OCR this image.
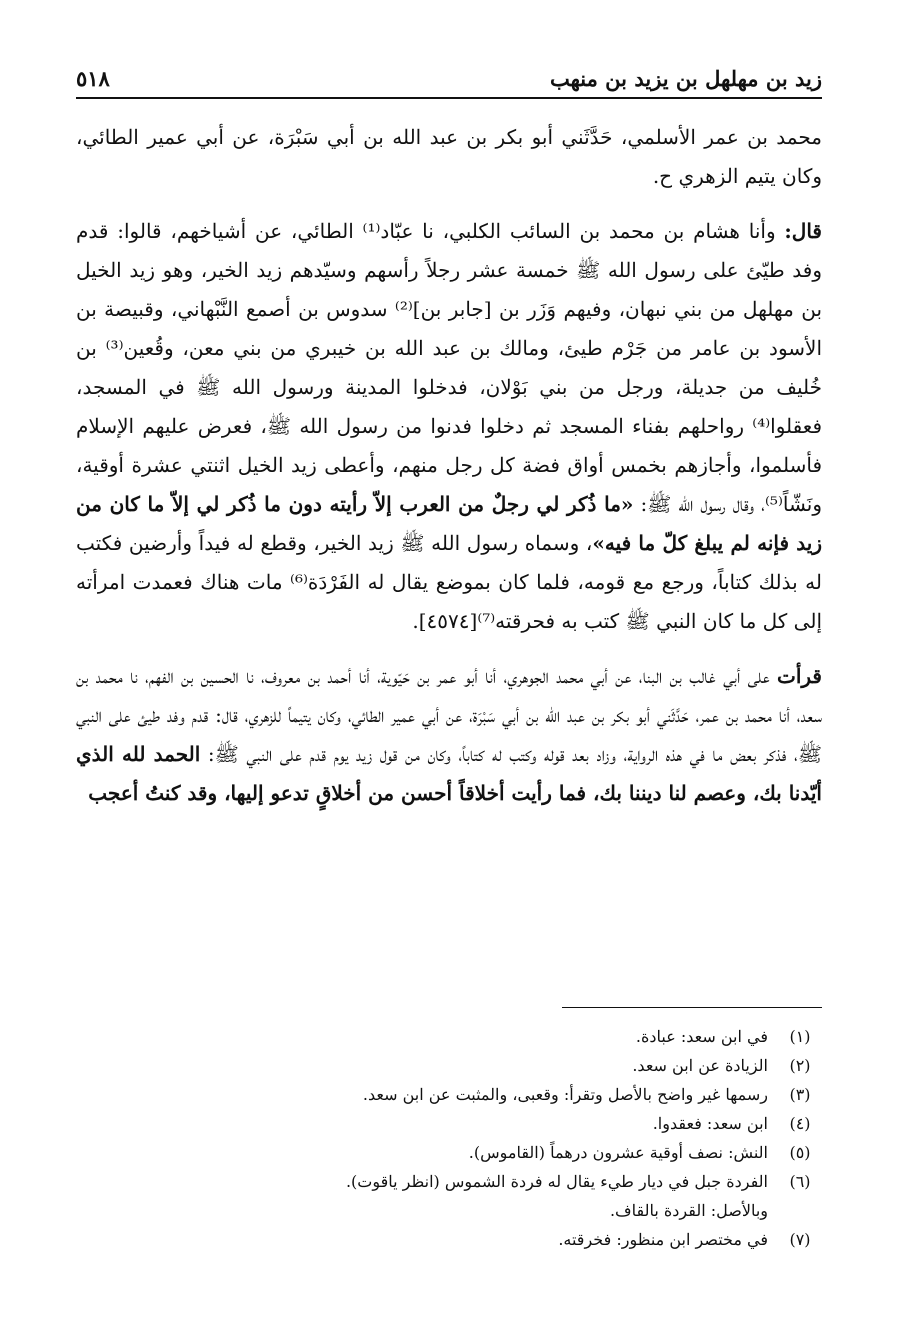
زيد بن مهلهل بن يزيد بن منهب
٥١٨

محمد بن عمر الأسلمي، حَدَّثَني أبو بكر بن عبد الله بن أبي سَبْرَة، عن أبي عمير الطائي، وكان يتيم الزهري ح.

قال: وأنا هشام بن محمد بن السائب الكلبي، نا عبّاد⁽¹⁾ الطائي، عن أشياخهم، قالوا: قدم وفد طيّئ على رسول الله ﷺ خمسة عشر رجلاً رأسهم وسيّدهم زيد الخير، وهو زيد الخيل بن مهلهل من بني نبهان، وفيهم وَزَر بن [جابر بن]⁽²⁾ سدوس بن أصمع النَّبْهاني، وقبيصة بن الأسود بن عامر من جَرْم طيئ، ومالك بن عبد الله بن خيبري من بني معن، وقُعين⁽³⁾ بن خُليف من جديلة، ورجل من بني بَوْلان، فدخلوا المدينة ورسول الله ﷺ في المسجد، فعقلوا⁽⁴⁾ رواحلهم بفناء المسجد ثم دخلوا فدنوا من رسول الله ﷺ، فعرض عليهم الإسلام فأسلموا، وأجازهم بخمس أواق فضة كل رجل منهم، وأعطى زيد الخيل اثنتي عشرة أوقية، ونَشّاً⁽⁵⁾، وقال رسول الله ﷺ: «ما ذُكر لي رجلٌ من العرب إلاّ رأيته دون ما ذُكر لي إلاّ ما كان من زيد فإنه لم يبلغ كلّ ما فيه»، وسماه رسول الله ﷺ زيد الخير، وقطع له فيداً وأرضين فكتب له بذلك كتاباً، ورجع مع قومه، فلما كان بموضع يقال له الفَرْدَة⁽⁶⁾ مات هناك فعمدت امرأته إلى كل ما كان النبي ﷺ كتب به فحرقته⁽⁷⁾[٤٥٧٤].

قرأت على أبي غالب بن البنا، عن أبي محمد الجوهري، أنا أبو عمر بن حَيّوية، أنا أحمد بن معروف، نا الحسين بن الفهم، نا محمد بن سعد، أنا محمد بن عمر، حَدَّثَني أبو بكر بن عبد الله بن أبي سَبْرَة، عن أبي عمير الطائي، وكان يتيماً للزهري، قال: قدم وفد طيئ على النبي ﷺ، فذكر بعض ما في هذه الرواية، وزاد بعد قوله وكتب له كتاباً، وكان من قول زيد يوم قدم على النبي ﷺ: الحمد لله الذي أيّدنا بك، وعصم لنا ديننا بك، فما رأيت أخلاقاً أحسن من أخلاقٍ تدعو إليها، وقد كنتُ أعجب

(١)
في ابن سعد: عبادة.
(٢)
الزيادة عن ابن سعد.
(٣)
رسمها غير واضح بالأصل وتقرأ: وقعبى، والمثبت عن ابن سعد.
(٤)
ابن سعد: فعقدوا.
(٥)
النش: نصف أوقية عشرون درهماً (القاموس).
(٦)
الفردة جبل في ديار طيء يقال له فردة الشموس (انظر ياقوت).
وبالأصل: القردة بالقاف.
(٧)
في مختصر ابن منظور: فخرقته.
